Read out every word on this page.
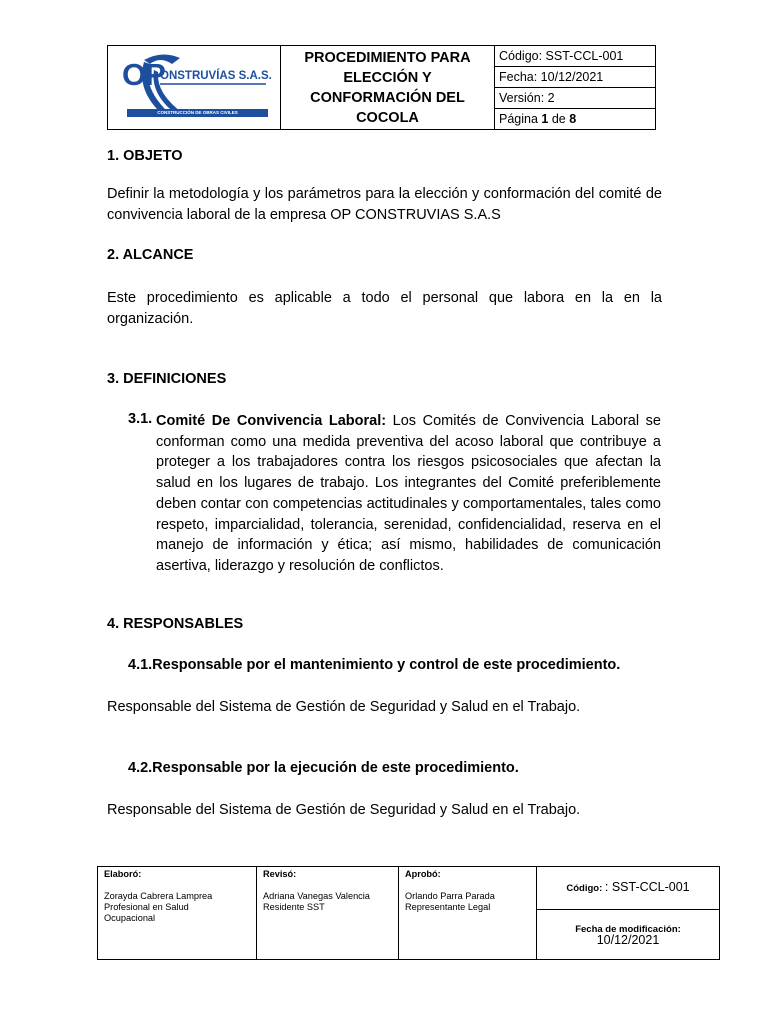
OP
ONSTRUVÍAS S.A.S.
CONSTRUCCIÓN DE OBRAS CIVILES

PROCEDIMIENTO PARA
ELECCIÓN Y
CONFORMACIÓN DEL
COCOLA
	Código: SST-CCL-001
Fecha: 10/12/2021
Versión: 2
Página 1 de 8
1. OBJETO
Definir la metodología y los parámetros para la elección y conformación del comité de convivencia laboral de la empresa OP CONSTRUVIAS S.A.S
2. ALCANCE
Este procedimiento es aplicable a todo el personal que labora en la en la organización.
3. DEFINICIONES
3.1. Comité De Convivencia Laboral: Los Comités de Convivencia Laboral se conforman como una medida preventiva del acoso laboral que contribuye a proteger a los trabajadores contra los riesgos psicosociales que afectan la salud en los lugares de trabajo. Los integrantes del Comité preferiblemente deben contar con competencias actitudinales y comportamentales, tales como respeto, imparcialidad, tolerancia, serenidad, confidencialidad, reserva en el manejo de información y ética; así mismo, habilidades de comunicación asertiva, liderazgo y resolución de conflictos.
4. RESPONSABLES
4.1.Responsable por el mantenimiento y control de este procedimiento.
Responsable del Sistema de Gestión de Seguridad y Salud en el Trabajo.
4.2.Responsable por la ejecución de este procedimiento.
Responsable del Sistema de Gestión de Seguridad y Salud en el Trabajo.
Elaboró:
Zorayda Cabrera Lamprea
Profesional en Salud Ocupacional

Revisó:
Adriana Vanegas Valencia
Residente SST

Aprobó:
Orlando Parra Parada
Representante Legal
	Código: : SST-CCL-001

Fecha de modificación:
10/12/2021
